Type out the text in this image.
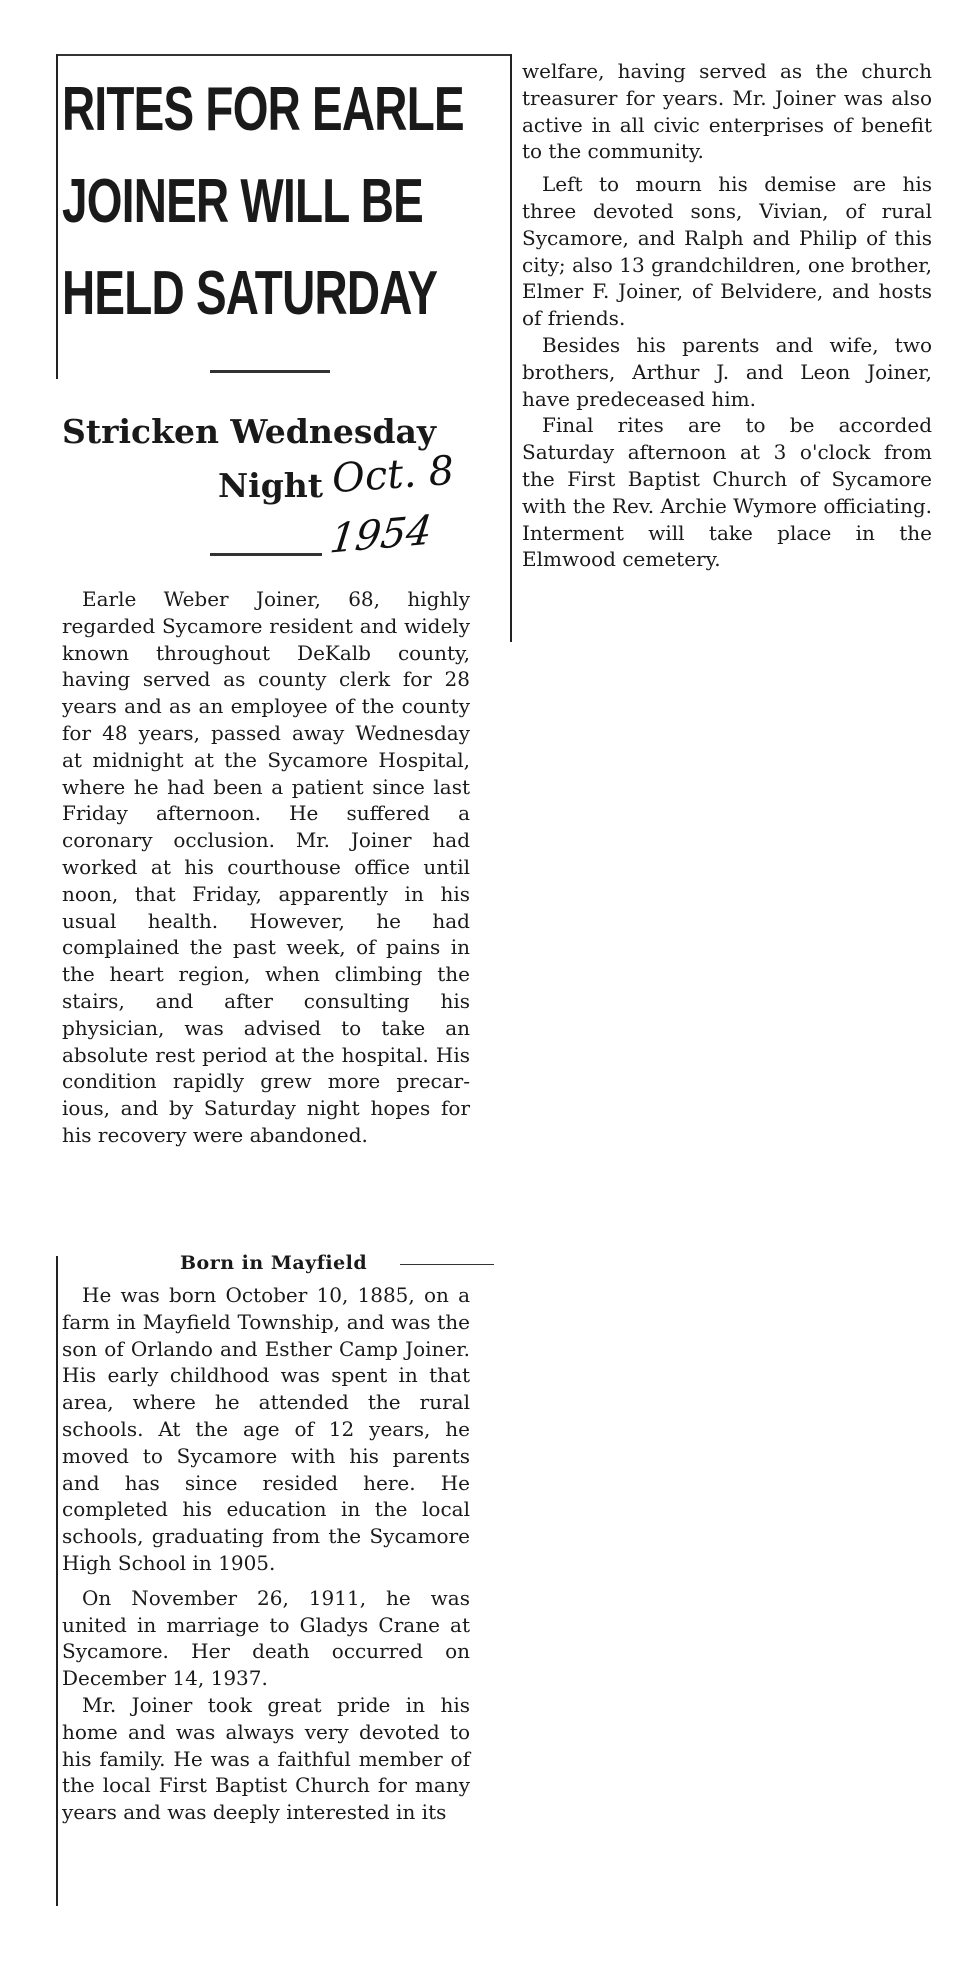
RITES FOR EARLE
JOINER WILL BE
HELD SATURDAY
Stricken Wednesday
Night Oct. 8
1954

Earle Weber Joiner, 68, highly regarded Sycamore resident and widely known throughout DeKalb county, having served as county clerk for 28 years and as an employee of the county for 48 years, passed away Wednesday at midnight at the Sycamore Hospital, where he had been a patient since last Friday afternoon. He suffered a coronary occlusion. Mr. Joiner had worked at his courthouse office until noon, that Friday, apparently in his usual health. However, he had complained the past week, of pains in the heart region, when climbing the stairs, and after consulting his physician, was advised to take an absolute rest period at the hospital. His condition rapidly grew more precarious, and by Saturday night hopes for his recovery were abandoned.

Born in Mayfield

He was born October 10, 1885, on a farm in Mayfield Township, and was the son of Orlando and Esther Camp Joiner. His early childhood was spent in that area, where he attended the rural schools. At the age of 12 years, he moved to Sycamore with his parents and has since resided here. He completed his education in the local schools, graduating from the Sycamore High School in 1905.

On November 26, 1911, he was united in marriage to Gladys Crane at Sycamore. Her death occurred on December 14, 1937.

Mr. Joiner took great pride in his home and was always very devoted to his family. He was a faithful member of the local First Baptist Church for many years and was deeply interested in its

welfare, having served as the church treasurer for years. Mr. Joiner was also active in all civic enterprises of benefit to the community.

Left to mourn his demise are his three devoted sons, Vivian, of rural Sycamore, and Ralph and Philip of this city; also 13 grandchildren, one brother, Elmer F. Joiner, of Belvidere, and hosts of friends.

Besides his parents and wife, two brothers, Arthur J. and Leon Joiner, have predeceased him.

Final rites are to be accorded Saturday afternoon at 3 o'clock from the First Baptist Church of Sycamore with the Rev. Archie Wymore officiating. Interment will take place in the Elmwood cemetery.
